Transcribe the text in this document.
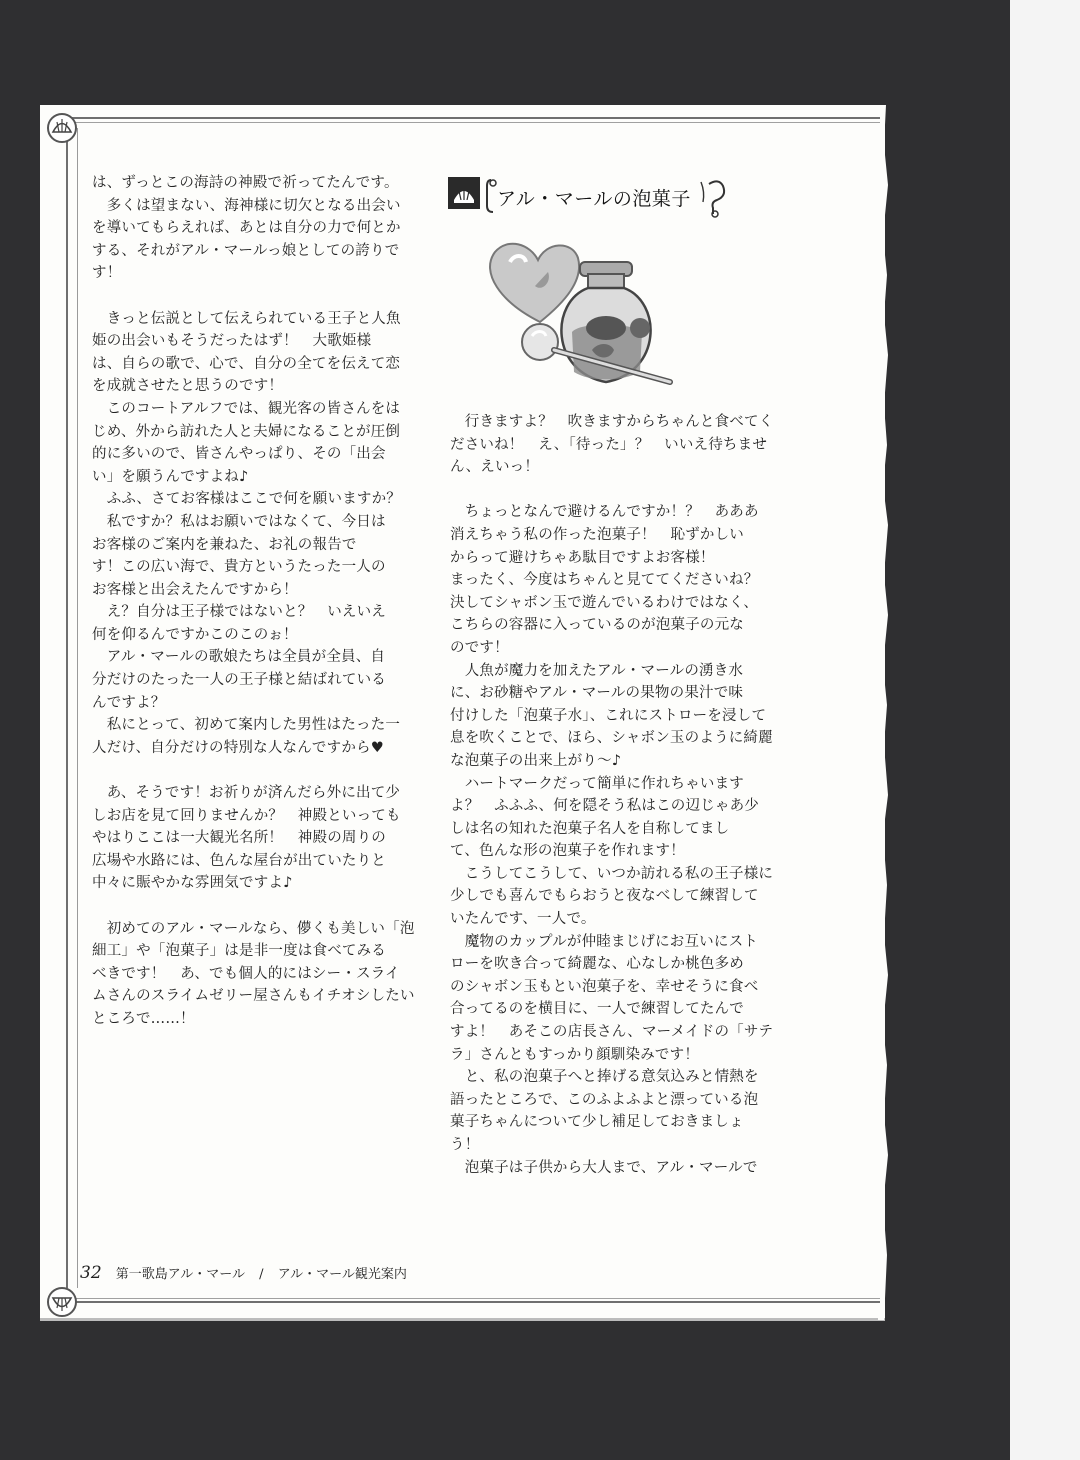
は、ずっとこの海詩の神殿で祈ってたんです。

　多くは望まない、海神様に切欠となる出会い

を導いてもらえれば、あとは自分の力で何とか

する、それがアル・マールっ娘としての誇りで

す！

　きっと伝説として伝えられている王子と人魚

姫の出会いもそうだったはず！　大歌姫様

は、自らの歌で、心で、自分の全てを伝えて恋

を成就させたと思うのです！

　このコートアルフでは、観光客の皆さんをは

じめ、外から訪れた人と夫婦になることが圧倒

的に多いので、皆さんやっぱり、その「出会

い」を願うんですよね♪

　ふふ、さてお客様はここで何を願いますか？

　私ですか？私はお願いではなくて、今日は

お客様のご案内を兼ねた、お礼の報告で

す！この広い海で、貴方というたった一人の

お客様と出会えたんですから！

　え？自分は王子様ではないと？　いえいえ

何を仰るんですかこのこのぉ！

　アル・マールの歌娘たちは全員が全員、自

分だけのたった一人の王子様と結ばれている

んですよ？

　私にとって、初めて案内した男性はたった一

人だけ、自分だけの特別な人なんですから♥

　あ、そうです！お祈りが済んだら外に出て少

しお店を見て回りませんか？　神殿といっても

やはりここは一大観光名所！　神殿の周りの

広場や水路には、色んな屋台が出ていたりと

中々に賑やかな雰囲気ですよ♪

　初めてのアル・マールなら、儚くも美しい「泡

細工」や「泡菓子」は是非一度は食べてみる

べきです！　あ、でも個人的にはシー・スライ

ムさんのスライムゼリー屋さんもイチオシしたい

ところで……！

アル・マールの泡菓子

　行きますよ？　吹きますからちゃんと食べてく

ださいね！　え、「待った」？　いいえ待ちませ

ん、えいっ！

　ちょっとなんで避けるんですか！？　あああ

消えちゃう私の作った泡菓子！　恥ずかしい

からって避けちゃあ駄目ですよお客様！

まったく、今度はちゃんと見ててくださいね？

決してシャボン玉で遊んでいるわけではなく、

こちらの容器に入っているのが泡菓子の元な

のです！

　人魚が魔力を加えたアル・マールの湧き水

に、お砂糖やアル・マールの果物の果汁で味

付けした「泡菓子水」、これにストローを浸して

息を吹くことで、ほら、シャボン玉のように綺麗

な泡菓子の出来上がり～♪

　ハートマークだって簡単に作れちゃいます

よ？　ふふふ、何を隠そう私はこの辺じゃあ少

しは名の知れた泡菓子名人を自称してまし

て、色んな形の泡菓子を作れます！

　こうしてこうして、いつか訪れる私の王子様に

少しでも喜んでもらおうと夜なべして練習して

いたんです、一人で。

　魔物のカップルが仲睦まじげにお互いにスト

ローを吹き合って綺麗な、心なしか桃色多め

のシャボン玉もとい泡菓子を、幸せそうに食べ

合ってるのを横目に、一人で練習してたんで

すよ！　あそこの店長さん、マーメイドの「サテ

ラ」さんともすっかり顔馴染みです！

　と、私の泡菓子へと捧げる意気込みと情熱を

語ったところで、このふよふよと漂っている泡

菓子ちゃんについて少し補足しておきましょ

う！

　泡菓子は子供から大人まで、アル・マールで

32 第一歌島アル・マール / アル・マール観光案内
